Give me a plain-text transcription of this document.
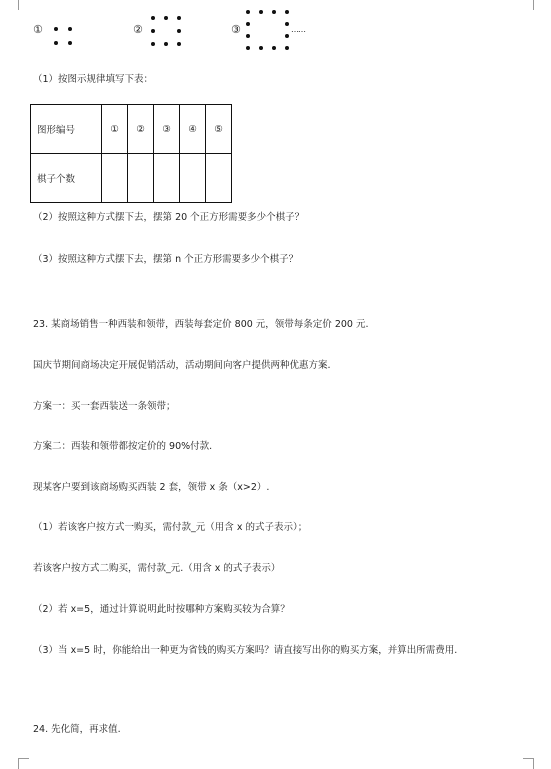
①	②	③	……
（1）按图示规律填写下表：
图形编号	①	②	③	④	⑤
棋子个数					
（2）按照这种方式摆下去，摆第 20 个正方形需要多少个棋子？
（3）按照这种方式摆下去，摆第 n 个正方形需要多少个棋子？
23. 某商场销售一种西装和领带，西装每套定价 800 元，领带每条定价 200 元.
国庆节期间商场决定开展促销活动，活动期间向客户提供两种优惠方案.
方案一：买一套西装送一条领带；
方案二：西装和领带都按定价的 90%付款.
现某客户要到该商场购买西装 2 套，领带 x 条（x>2）.
（1）若该客户按方式一购买，需付款_元（用含 x 的式子表示）；
若该客户按方式二购买，需付款_元.（用含 x 的式子表示）
（2）若 x=5，通过计算说明此时按哪种方案购买较为合算？
（3）当 x=5 时，你能给出一种更为省钱的购买方案吗？请直接写出你的购买方案，并算出所需费用.
24. 先化简，再求值.
